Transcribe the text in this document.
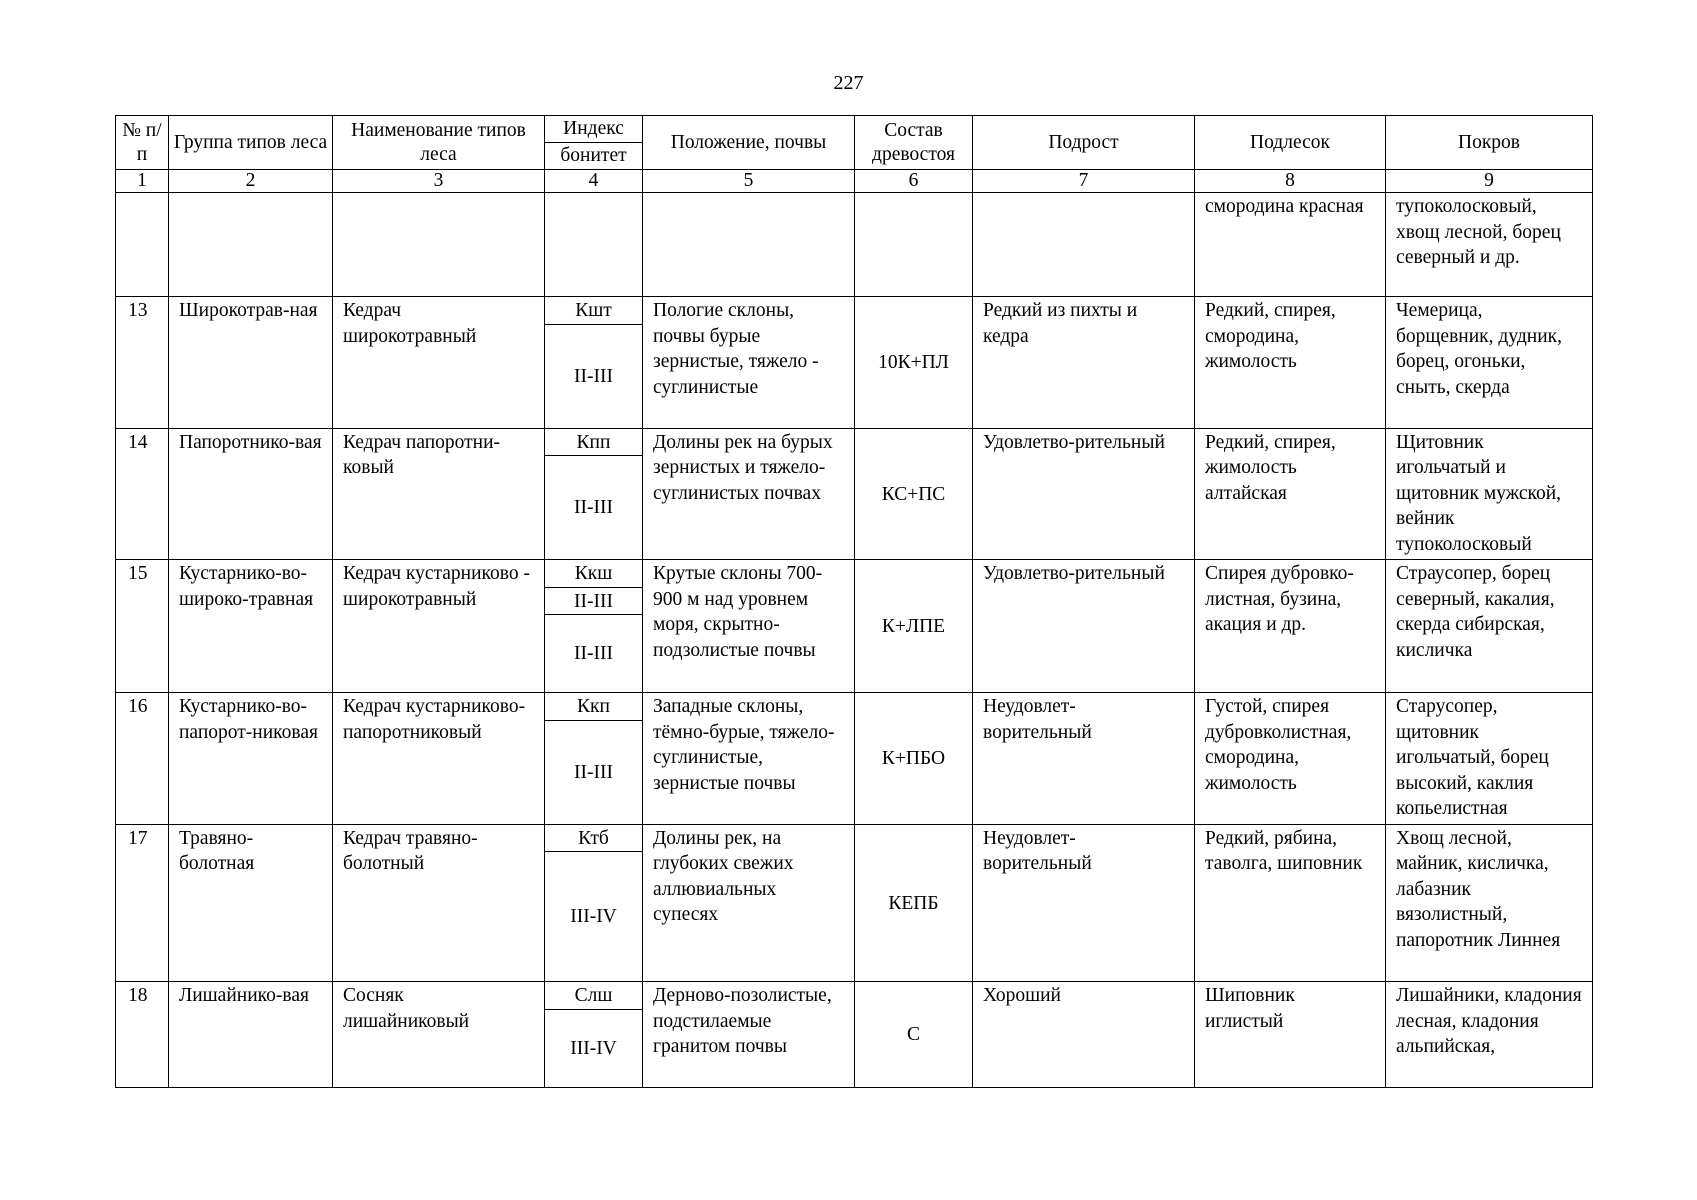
227
№ п/п	Группа типов леса	Наименование типов леса	Индекс	Положение, почвы	Состав древостоя	Подрост	Подлесок	Покров
			бонитет					
1	2	3	4	5	6	7	8	9
							смородина красная	тупоколосковый, хвощ лесной, борец северный и др.
13	Широкотрав-ная	Кедрач широкотравный	Кшт	Пологие склоны, почвы бурые зернистые, тяжело - суглинистые	10К+ПЛ	Редкий из пихты и кедра	Редкий, спирея, смородина, жимолость	Чемерица, борщевник, дудник, борец, огоньки, сныть, скерда
			II-III					
14	Папоротнико-вая	Кедрач папоротни-ковый	Кпп	Долины рек на бурых зернистых и тяжело-суглинистых почвах	КС+ПС	Удовлетво-рительный	Редкий, спирея, жимолость алтайская	Щитовник игольчатый и щитовник мужской, вейник тупоколосковый
			II-III					
15	Кустарнико-во-широко-травная	Кедрач кустарниково - широкотравный	Ккш	Крутые склоны 700-900 м над уровнем моря, скрытно-подзолистые почвы	К+ЛПЕ	Удовлетво-рительный	Спирея дубровко-листная, бузина, акация и др.	Страусопер, борец северный, какалия, скерда сибирская, кисличка
			II-III					
			II-III					
16	Кустарнико-во-папорот-никовая	Кедрач кустарниково-папоротниковый	Ккп	Западные склоны, тёмно-бурые, тяжело-суглинистые, зернистые почвы	К+ПБО	Неудовлет-ворительный	Густой, спирея дубровколистная, смородина, жимолость	Старусопер, щитовник игольчатый, борец высокий, каклия копьелистная
			II-III					
17	Травяно-болотная	Кедрач травяно-болотный	Ктб	Долины рек, на глубоких свежих аллювиальных супесях	КЕПБ	Неудовлет-ворительный	Редкий, рябина, таволга, шиповник	Хвощ лесной, майник, кисличка, лабазник вязолистный, папоротник Линнея
			III-IV					
18	Лишайнико-вая	Сосняк лишайниковый	Слш	Дерново-позолистые, подстилаемые гранитом почвы	С	Хороший	Шиповник иглистый	Лишайники, кладония лесная, кладония альпийская,
			III-IV					
